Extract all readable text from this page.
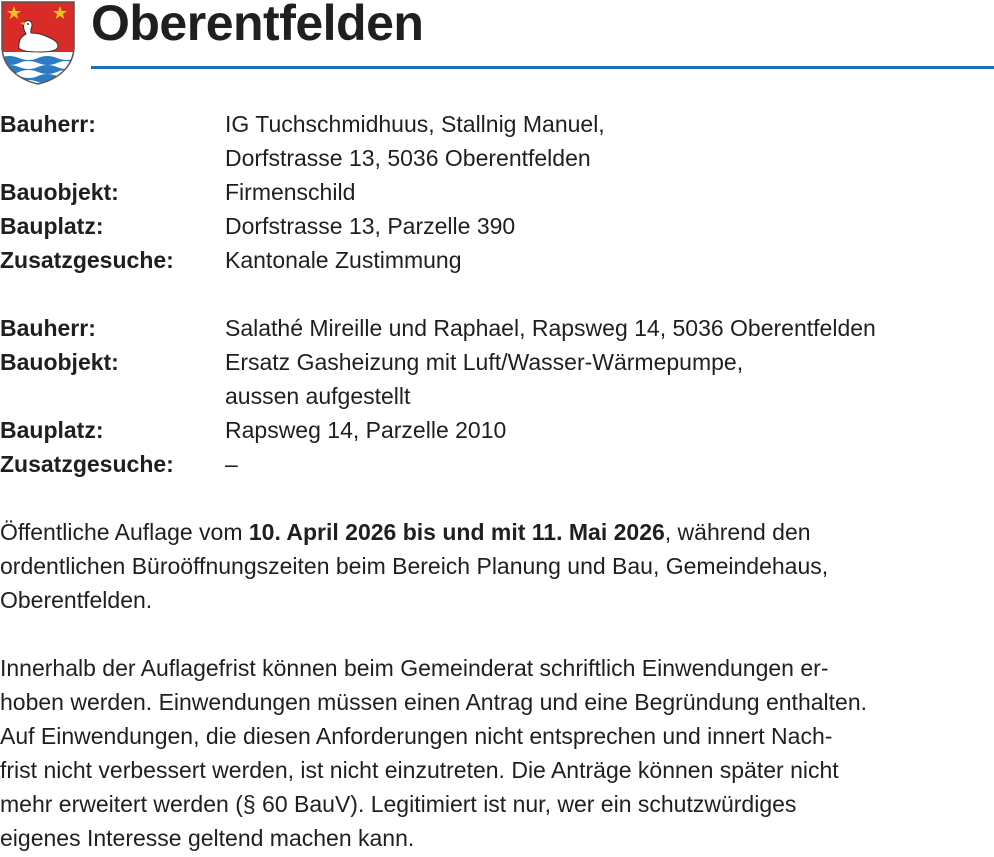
Oberentfelden
Bauherr:	IG Tuchschmidhuus, Stallnig Manuel,
Dorfstrasse 13, 5036 Oberentfelden
Bauobjekt:	Firmenschild
Bauplatz:	Dorfstrasse 13, Parzelle 390
Zusatzgesuche:	Kantonale Zustimmung
Bauherr:	Salathé Mireille und Raphael, Rapsweg 14, 5036 Oberentfelden
Bauobjekt:	Ersatz Gasheizung mit Luft/Wasser-Wärmepumpe,
aussen aufgestellt
Bauplatz:	Rapsweg 14, Parzelle 2010
Zusatzgesuche:	–

Öffentliche Auflage vom 10. April 2026 bis und mit 11. Mai 2026, während den
ordentlichen Büroöffnungszeiten beim Bereich Planung und Bau, Gemeindehaus,
Oberentfelden.

Innerhalb der Auflagefrist können beim Gemeinderat schriftlich Einwendungen er-
hoben werden. Einwendungen müssen einen Antrag und eine Begründung enthalten.
Auf Einwendungen, die diesen Anforderungen nicht entsprechen und innert Nach-
frist nicht verbessert werden, ist nicht einzutreten. Die Anträge können später nicht
mehr erweitert werden (§ 60 BauV). Legitimiert ist nur, wer ein schutzwürdiges
eigenes Interesse geltend machen kann.
